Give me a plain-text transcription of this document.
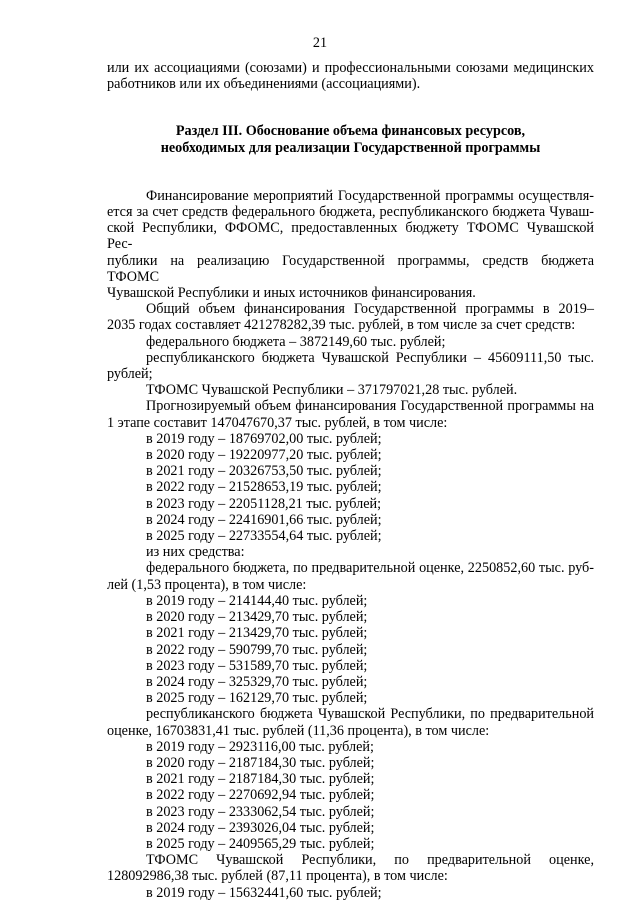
21

или их ассоциациями (союзами) и профессиональными союзами медицинских

работников или их объединениями (ассоциациями).

Раздел III. Обоснование объема финансовых ресурсов,

необходимых для реализации Государственной программы

Финансирование мероприятий Государственной программы осуществля-

ется за счет средств федерального бюджета, республиканского бюджета Чуваш-

ской Республики, ФФОМС, предоставленных бюджету ТФОМС Чувашской Рес-

публики на реализацию Государственной программы, средств бюджета ТФОМС

Чувашской Республики и иных источников финансирования.

Общий объем финансирования Государственной программы в 2019–

2035 годах составляет 421278282,39 тыс. рублей, в том числе за счет средств:

федерального бюджета – 3872149,60 тыс. рублей;

республиканского бюджета Чувашской Республики – 45609111,50 тыс.

рублей;

ТФОМС Чувашской Республики – 371797021,28 тыс. рублей.

Прогнозируемый объем финансирования Государственной программы на

1 этапе составит 147047670,37 тыс. рублей, в том числе:

в 2019 году – 18769702,00 тыс. рублей;

в 2020 году – 19220977,20 тыс. рублей;

в 2021 году – 20326753,50 тыс. рублей;

в 2022 году – 21528653,19 тыс. рублей;

в 2023 году – 22051128,21 тыс. рублей;

в 2024 году – 22416901,66 тыс. рублей;

в 2025 году – 22733554,64 тыс. рублей;

из них средства:

федерального бюджета, по предварительной оценке, 2250852,60 тыс. руб-

лей (1,53 процента), в том числе:

в 2019 году – 214144,40 тыс. рублей;

в 2020 году – 213429,70 тыс. рублей;

в 2021 году – 213429,70 тыс. рублей;

в 2022 году – 590799,70 тыс. рублей;

в 2023 году – 531589,70 тыс. рублей;

в 2024 году – 325329,70 тыс. рублей;

в 2025 году – 162129,70 тыс. рублей;

республиканского бюджета Чувашской Республики, по предварительной

оценке, 16703831,41 тыс. рублей (11,36 процента), в том числе:

в 2019 году – 2923116,00 тыс. рублей;

в 2020 году – 2187184,30 тыс. рублей;

в 2021 году – 2187184,30 тыс. рублей;

в 2022 году – 2270692,94 тыс. рублей;

в 2023 году – 2333062,54 тыс. рублей;

в 2024 году – 2393026,04 тыс. рублей;

в 2025 году – 2409565,29 тыс. рублей;

ТФОМС Чувашской Республики, по предварительной оценке,

128092986,38 тыс. рублей (87,11 процента), в том числе:

в 2019 году – 15632441,60 тыс. рублей;
